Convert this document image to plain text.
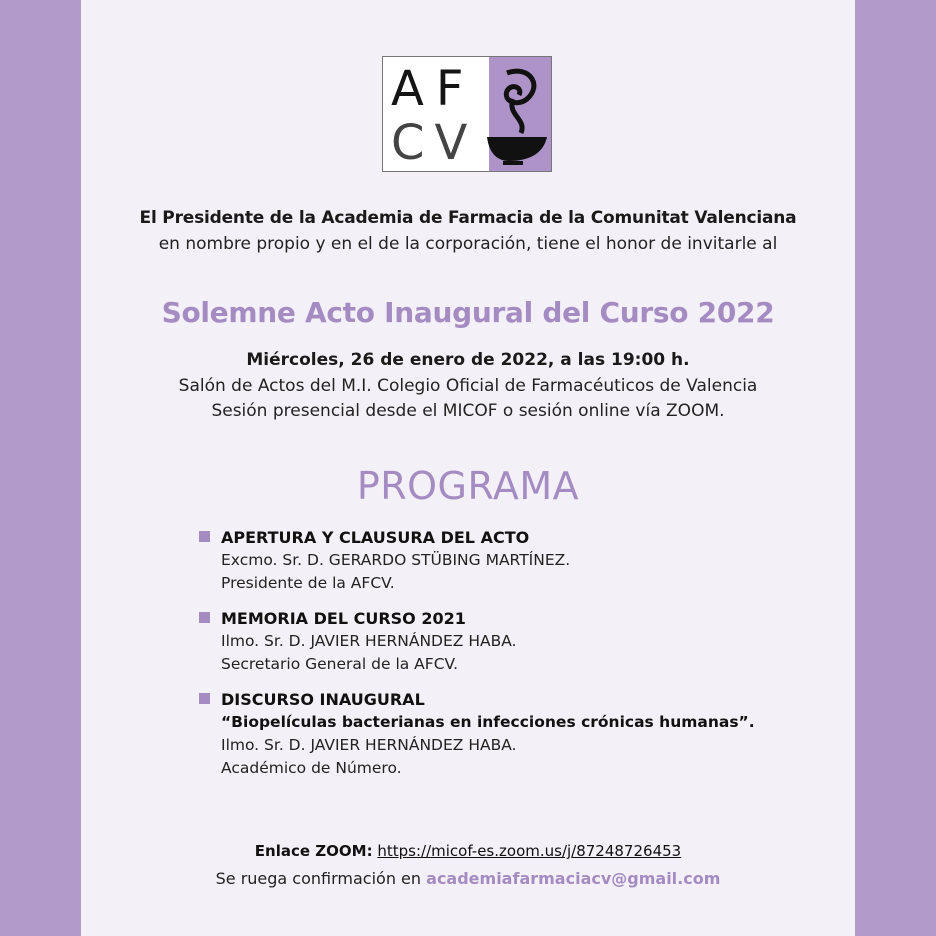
AF
CV
El Presidente de la Academia de Farmacia de la Comunitat Valenciana
en nombre propio y en el de la corporación, tiene el honor de invitarle al
Solemne Acto Inaugural del Curso 2022
Miércoles, 26 de enero de 2022, a las 19:00 h.
Salón de Actos del M.I. Colegio Oficial de Farmacéuticos de Valencia
Sesión presencial desde el MICOF o sesión online vía ZOOM.
PROGRAMA
APERTURA Y CLAUSURA DEL ACTO
Excmo. Sr. D. GERARDO STÜBING MARTÍNEZ.
Presidente de la AFCV.
MEMORIA DEL CURSO 2021
Ilmo. Sr. D. JAVIER HERNÁNDEZ HABA.
Secretario General de la AFCV.
DISCURSO INAUGURAL
“Biopelículas bacterianas en infecciones crónicas humanas”.
Ilmo. Sr. D. JAVIER HERNÁNDEZ HABA.
Académico de Número.
Enlace ZOOM: https://micof-es.zoom.us/j/87248726453
Se ruega confirmación en academiafarmaciacv@gmail.com
